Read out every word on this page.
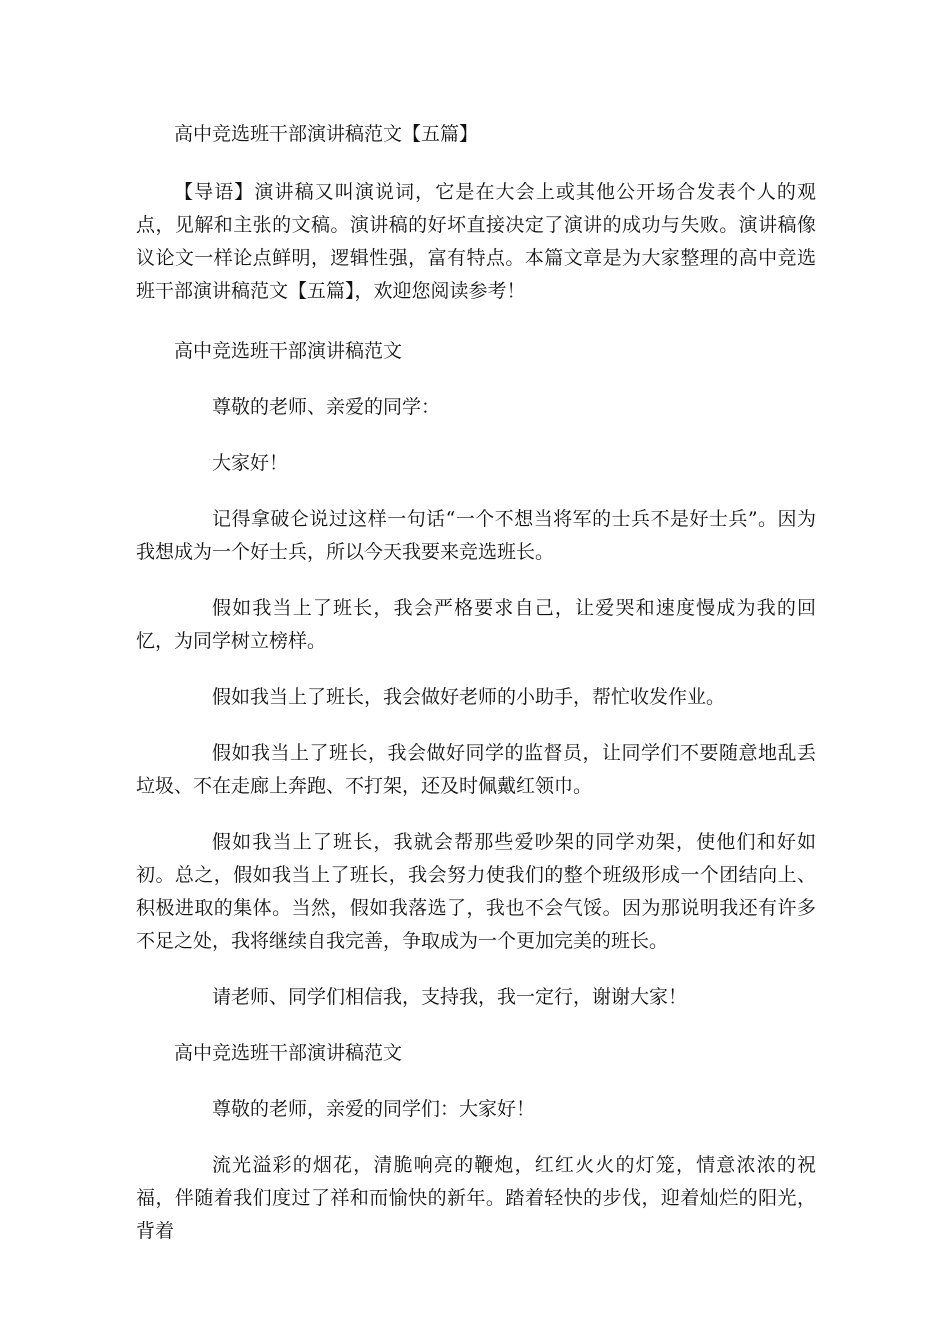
高中竞选班干部演讲稿范文【五篇】

【导语】演讲稿又叫演说词，它是在大会上或其他公开场合发表个人的观点，见解和主张的文稿。演讲稿的好坏直接决定了演讲的成功与失败。演讲稿像议论文一样论点鲜明，逻辑性强，富有特点。本篇文章是为大家整理的高中竞选班干部演讲稿范文【五篇】，欢迎您阅读参考！

高中竞选班干部演讲稿范文

尊敬的老师、亲爱的同学：

大家好！

记得拿破仑说过这样一句话“一个不想当将军的士兵不是好士兵”。因为我想成为一个好士兵，所以今天我要来竞选班长。

假如我当上了班长，我会严格要求自己，让爱哭和速度慢成为我的回忆，为同学树立榜样。

假如我当上了班长，我会做好老师的小助手，帮忙收发作业。

假如我当上了班长，我会做好同学的监督员，让同学们不要随意地乱丢垃圾、不在走廊上奔跑、不打架，还及时佩戴红领巾。

假如我当上了班长，我就会帮那些爱吵架的同学劝架，使他们和好如初。总之，假如我当上了班长，我会努力使我们的整个班级形成一个团结向上、积极进取的集体。当然，假如我落选了，我也不会气馁。因为那说明我还有许多不足之处，我将继续自我完善，争取成为一个更加完美的班长。

请老师、同学们相信我，支持我，我一定行，谢谢大家！

高中竞选班干部演讲稿范文

尊敬的老师，亲爱的同学们：大家好！

流光溢彩的烟花，清脆响亮的鞭炮，红红火火的灯笼，情意浓浓的祝福，伴随着我们度过了祥和而愉快的新年。踏着轻快的步伐，迎着灿烂的阳光，背着
